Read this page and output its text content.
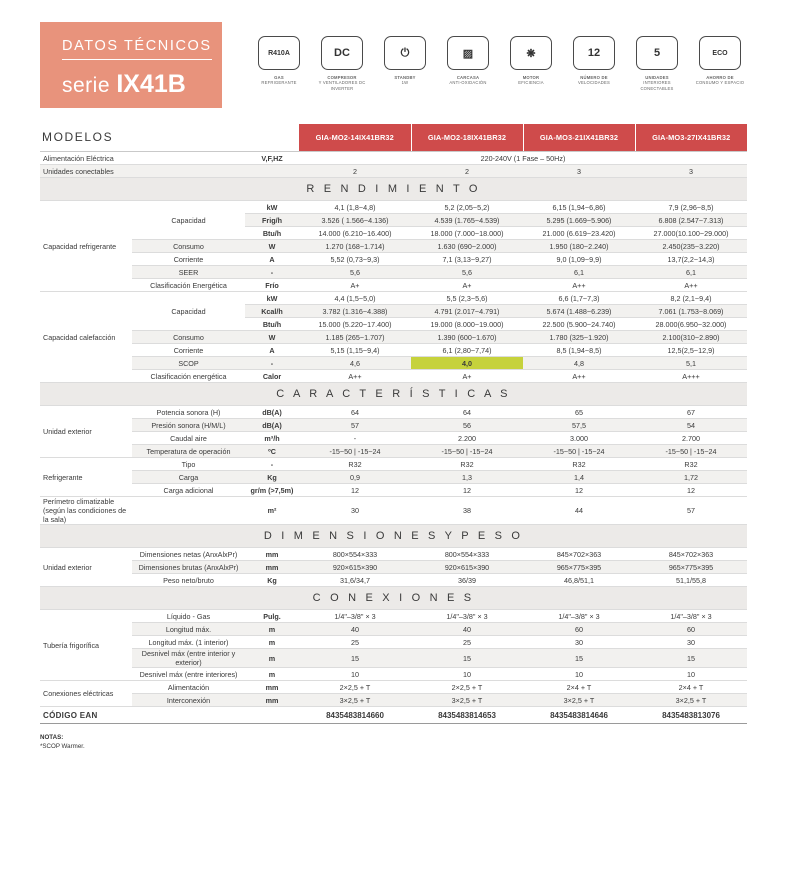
DATOS TÉCNICOS
serie IX41B
R410A
GAS
REFRIGERANTE
DC
COMPRESOR
Y VENTILADORES DC INVERTER
⏻
STANDBY
1W
▨
CARCASA
ANTI-OXIDACIÓN
❋
MOTOR
EFICIENCIA
12
NÚMERO DE
VELOCIDADES
5
UNIDADES
INTERIORES CONECTABLES
ECO
AHORRO DE
CONSUMO Y ESPACIO
MODELOS			GIA-MO2-14IX41BR32	GIA-MO2-18IX41BR32	GIA-MO3-21IX41BR32	GIA-MO3-27IX41BR32
Alimentación Eléctrica		V,F,HZ	220-240V (1 Fase – 50Hz)			
Unidades conectables			2	2	3	3
R E N D I M I E N T O						
Capacidad refrigerante	Capacidad	kW	4,1 (1,8~4,8)	5,2 (2,05~5,2)	6,15 (1,94~6,86)	7,9 (2,96~8,5)
		Frig/h	3.526 ( 1.566~4.136)	4.539 (1.765~4.539)	5.295 (1.669~5.906)	6.808 (2.547~7.313)
		Btu/h	14.000 (6.210~16.400)	18.000 (7.000~18.000)	21.000 (6.619~23.420)	27.000(10.100~29.000)
	Consumo	W	1.270 (168~1.714)	1.630 (690~2.000)	1.950 (180~2.240)	2.450(235~3.220)
	Corriente	A	5,52 (0,73~9,3)	7,1 (3,13~9,27)	9,0 (1,09~9,9)	13,7(2,2~14,3)
	SEER	-	5,6	5,6	6,1	6,1
	Clasificación Energética	Frío	A+	A+	A++	A++
Capacidad calefacción	Capacidad	kW	4,4 (1,5~5,0)	5,5 (2,3~5,6)	6,6 (1,7~7,3)	8,2 (2,1~9,4)
		Kcal/h	3.782 (1.316~4.388)	4.791 (2.017~4.791)	5.674 (1.488~6.239)	7.061 (1.753~8.069)
		Btu/h	15.000 (5.220~17.400)	19.000 (8.000~19.000)	22.500 (5.900~24.740)	28.000(6.950~32.000)
	Consumo	W	1.185 (265~1.707)	1.390 (600~1.670)	1.780 (325~1.920)	2.100(310~2.890)
	Corriente	A	5,15 (1,15~9,4)	6,1 (2,80~7,74)	8,5 (1,94~8,5)	12,5(2,5~12,9)
	SCOP	-	4,6	4,0	4,8	5,1
	Clasificación energética	Calor	A++	A+	A++	A+++
C A R A C T E R Í S T I C A S						
Unidad exterior	Potencia sonora (H)	dB(A)	64	64	65	67
	Presión sonora (H/M/L)	dB(A)	57	56	57,5	54
	Caudal aire	m³/h	-	2.200	3.000	2.700
	Temperatura de operación	ºC	-15~50 | -15~24	-15~50 | -15~24	-15~50 | -15~24	-15~50 | -15~24
Refrigerante	Tipo	-	R32	R32	R32	R32
	Carga	Kg	0,9	1,3	1,4	1,72
	Carga adicional	gr/m (>7,5m)	12	12	12	12
Perímetro climatizable (según las condiciones de la sala)		m²	30	38	44	57
D I M E N S I O N E S Y P E S O						
Unidad exterior	Dimensiones netas (AnxAlxPr)	mm	800×554×333	800×554×333	845×702×363	845×702×363
	Dimensiones brutas (AnxAlxPr)	mm	920×615×390	920×615×390	965×775×395	965×775×395
	Peso neto/bruto	Kg	31,6/34,7	36/39	46,8/51,1	51,1/55,8
C O N E X I O N E S						
Tubería frigorífica	Líquido - Gas	Pulg.	1/4"–3/8" × 3	1/4"–3/8" × 3	1/4"–3/8" × 3	1/4"–3/8" × 3
	Longitud máx.	m	40	40	60	60
	Longitud máx. (1 interior)	m	25	25	30	30
	Desnivel máx (entre interior y exterior)	m	15	15	15	15
	Desnivel máx (entre interiores)	m	10	10	10	10
Conexiones eléctricas	Alimentación	mm	2×2,5 + T	2×2,5 + T	2×4 + T	2×4 + T
	Interconexión	mm	3×2,5 + T	3×2,5 + T	3×2,5 + T	3×2,5 + T
CÓDIGO EAN			8435483814660	8435483814653	8435483814646	8435483813076
NOTAS:
*SCOP Warmer.
